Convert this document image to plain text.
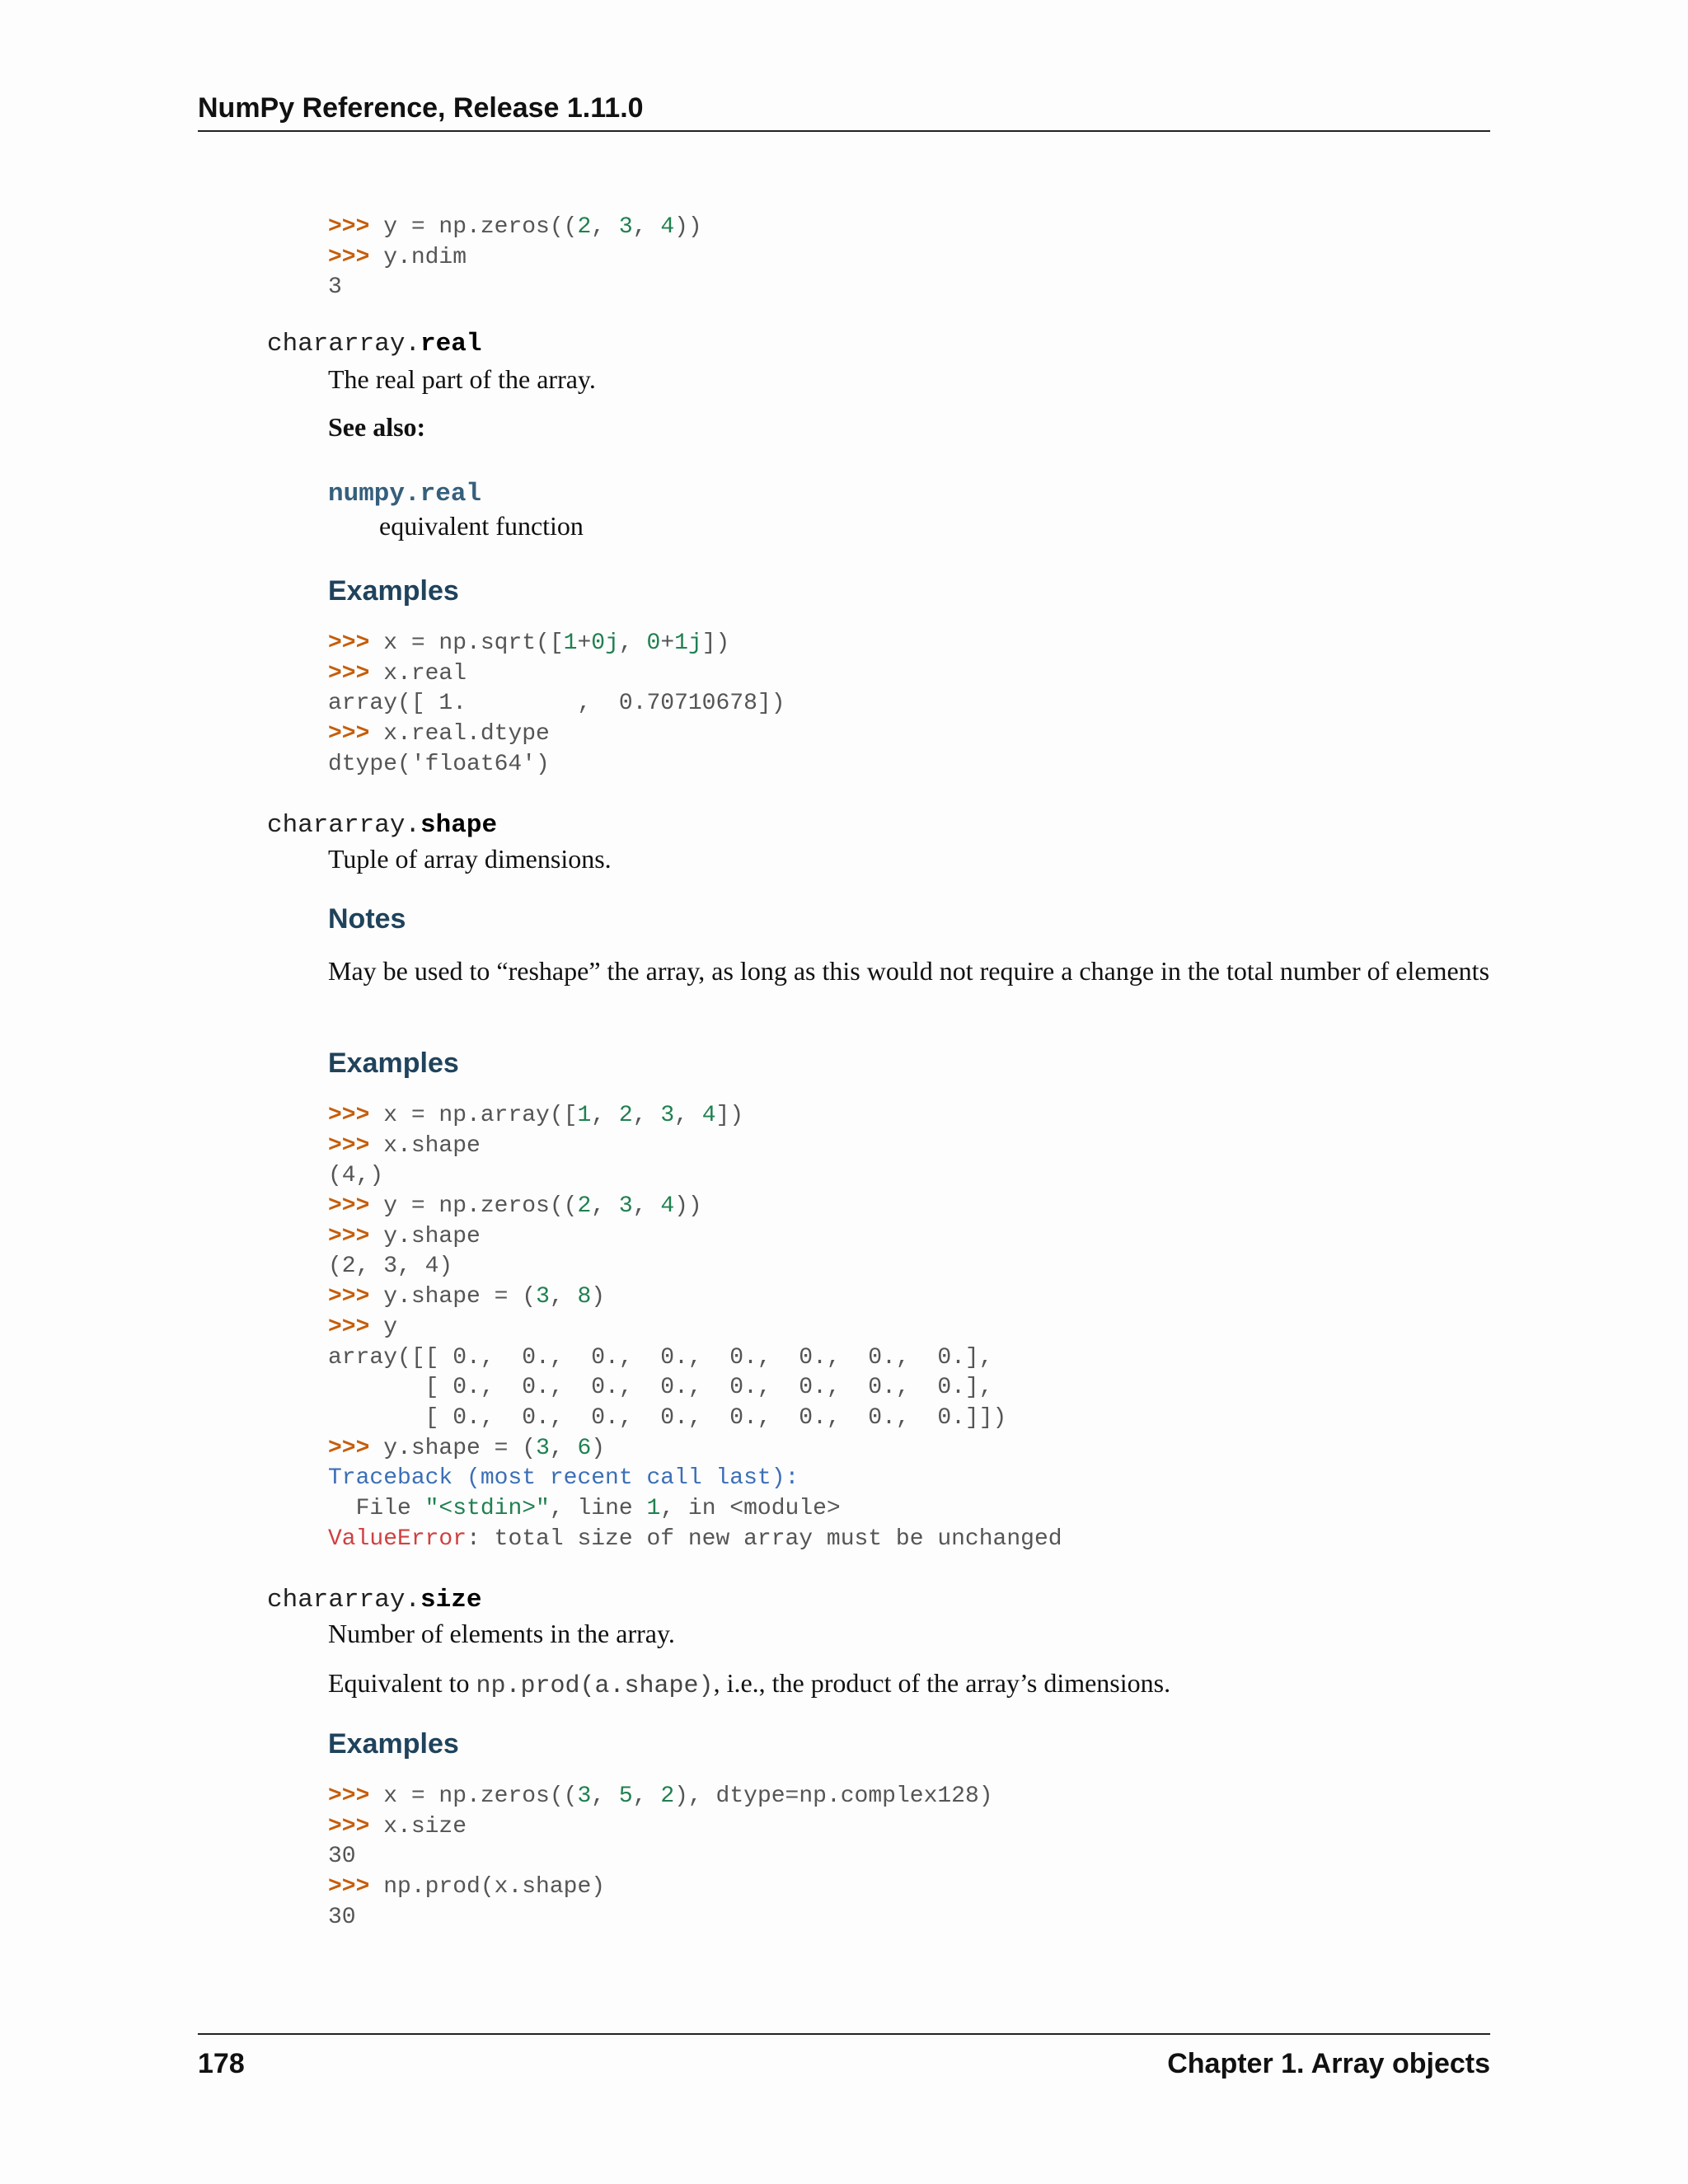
NumPy Reference, Release 1.11.0
>>> y = np.zeros((2, 3, 4))
>>> y.ndim
3
chararray.real
The real part of the array.
See also:
numpy.real
equivalent function
Examples
>>> x = np.sqrt([1+0j, 0+1j])
>>> x.real
array([ 1.        ,  0.70710678])
>>> x.real.dtype
dtype('float64')
chararray.shape
Tuple of array dimensions.
Notes
May be used to “reshape” the array, as long as this would not require a change in the total number of elements
Examples
>>> x = np.array([1, 2, 3, 4])
>>> x.shape
(4,)
>>> y = np.zeros((2, 3, 4))
>>> y.shape
(2, 3, 4)
>>> y.shape = (3, 8)
>>> y
array([[ 0.,  0.,  0.,  0.,  0.,  0.,  0.,  0.],
[ 0.,  0.,  0.,  0.,  0.,  0.,  0.,  0.],
[ 0.,  0.,  0.,  0.,  0.,  0.,  0.,  0.]])
>>> y.shape = (3, 6)
Traceback (most recent call last):
File "<stdin>", line 1, in <module>
ValueError: total size of new array must be unchanged
chararray.size
Number of elements in the array.
Equivalent to np.prod(a.shape), i.e., the product of the array’s dimensions.
Examples
>>> x = np.zeros((3, 5, 2), dtype=np.complex128)
>>> x.size
30
>>> np.prod(x.shape)
30
178	Chapter 1. Array objects
